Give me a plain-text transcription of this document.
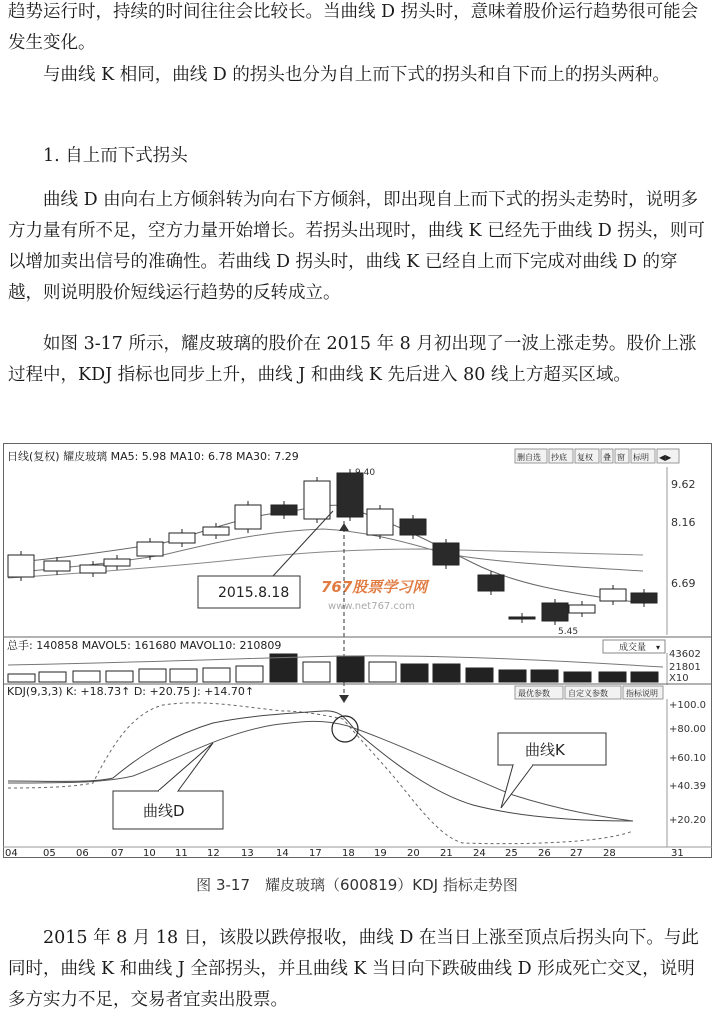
趋势运行时，持续的时间往往会比较长。当曲线 D 拐头时，意味着股价运行趋势很可能会发生变化。

与曲线 K 相同，曲线 D 的拐头也分为自上而下式的拐头和自下而上的拐头两种。

1. 自上而下式拐头

曲线 D 由向右上方倾斜转为向右下方倾斜，即出现自上而下式的拐头走势时，说明多方力量有所不足，空方力量开始增长。若拐头出现时，曲线 K 已经先于曲线 D 拐头，则可以增加卖出信号的准确性。若曲线 D 拐头时，曲线 K 已经自上而下完成对曲线 D 的穿越，则说明股价短线运行趋势的反转成立。

如图 3-17 所示，耀皮玻璃的股价在 2015 年 8 月初出现了一波上涨走势。股价上涨过程中，KDJ 指标也同步上升，曲线 J 和曲线 K 先后进入 80 线上方超买区域。

日线(复权) 耀皮玻璃 MA5: 5.98 MA10: 6.78 MA30: 7.29	删自选 抄底 复权 叠 窗 标明 ◀▶
9.62
8.16
6.69
9.40
5.45
767股票学习网
www.net767.com
2015.8.18
总手: 140858 MAVOL5: 161680 MAVOL10: 210809	成交量 ▾
43602
21801
X10
KDJ(9,3,3) K: +18.73↑ D: +20.75 J: +14.70↑	最优参数 自定义参数 指标说明
+100.0
+80.00
+60.10
+40.39
+20.20
曲线K
曲线D
04	05 06 07 10 11 12 13 14 17 18 19 20 21 24 25 26 27 28	31
图 3-17　耀皮玻璃（600819）KDJ 指标走势图

2015 年 8 月 18 日，该股以跌停报收，曲线 D 在当日上涨至顶点后拐头向下。与此同时，曲线 K 和曲线 J 全部拐头，并且曲线 K 当日向下跌破曲线 D 形成死亡交叉，说明多方实力不足，交易者宜卖出股票。
